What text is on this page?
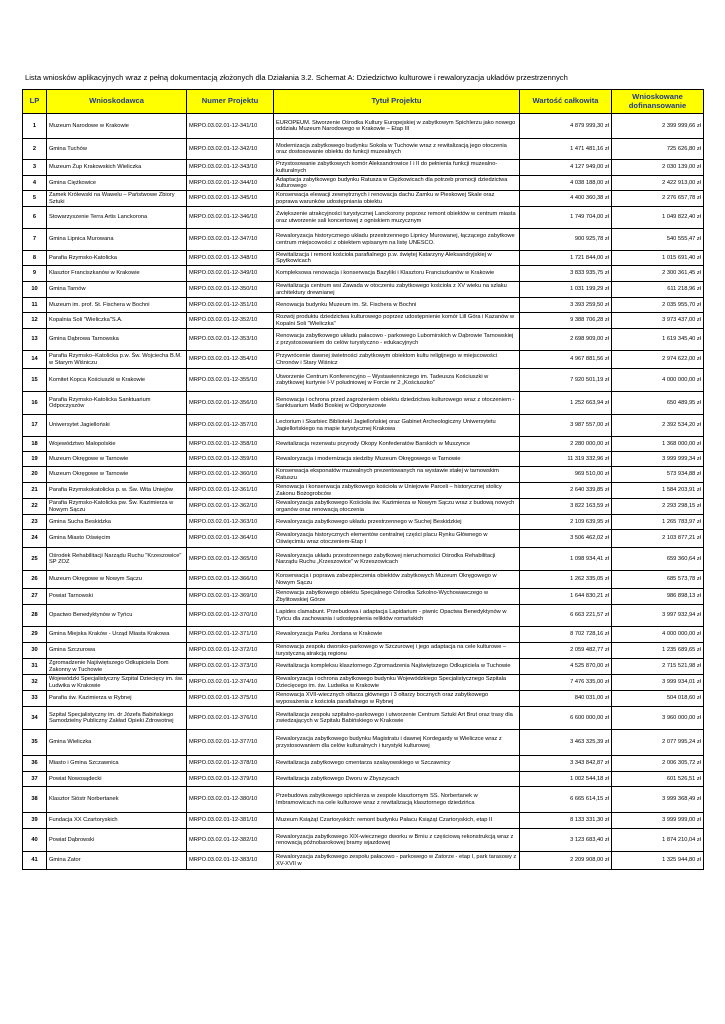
Lista wniosków aplikacyjnych wraz z pełną dokumentacją złożonych dla Działania 3.2. Schemat A: Dziedzictwo kulturowe i rewaloryzacja układów przestrzennych
LP	Wnioskodawca	Numer Projektu	Tytuł Projektu	Wartość całkowita	Wnioskowane dofinansowanie
1	Muzeum Narodowe w Krakowie	MRPO.03.02.01-12-341/10	EUROPEUM. Stworzenie Ośrodka Kultury Europejskiej w zabytkowym Spichlerzu jako nowego oddziału Muzeum Narodowego w Krakowie – Etap III	4 879 999,30 zł	2 399 999,66 zł
2	Gmina Tuchów	MRPO.03.02.01-12-342/10	Modernizacja zabytkowego budynku Sokoła w Tuchowie wraz z rewitalizacją jego otoczenia oraz dostosowanie obiektu do funkcji muzealnych	1 471 481,16 zł	725 626,80 zł
3	Muzeum Żup Krakowskich Wieliczka	MRPO.03.02.01-12-343/10	Przystosowanie zabytkowych komór Aleksandrowice I i II do pełnienia funkcji muzealno-kulturalnych	4 127 949,00 zł	2 030 139,00 zł
4	Gmina Ciężkowice	MRPO.03.02.01-12-344/10	Adaptacja zabytkowego budynku Ratusza w Ciężkowicach dla potrzeb promocji dziedzictwa kulturowego	4 038 188,00 zł	2 422 913,00 zł
5	Zamek Królewski na Wawelu – Państwowe Zbiory Sztuki	MRPO.03.02.01-12-345/10	Konserwacja elewacji zewnętrznych i renowacja dachu Zamku w Pieskowej Skale oraz poprawa warunków udostępniania obiektu	4 400 360,38 zł	2 276 657,78 zł
6	Stowarzyszenie Terra Artis Lanckorona	MRPO.03.02.01-12-346/10	Zwiększenie atrakcyjności turystycznej Lanckorony poprzez remont obiektów w centrum miasta oraz utworzenie sali koncertowej z ogniskiem muzycznym	1 749 704,00 zł	1 049 822,40 zł
7	Gmina Lipnica Murowana	MRPO.03.02.01-12-347/10	Rewaloryzacja historycznego układu przestrzennego Lipnicy Murowanej, łączącego zabytkowe centrum miejscowości z obiektem wpisanym na listę UNESCO.	900 925,78 zł	540 555,47 zł
8	Parafia Rzymsko-Katolicka	MRPO.03.02.01-12-348/10	Rewitalizacja i remont kościoła parafialnego p.w. świętej Katarzyny Aleksandryjskiej w Spytkowicach	1 721 844,00 zł	1 015 691,40 zł
9	Klasztor Franciszkanów w Krakowie	MRPO.03.02.01-12-349/10	Kompleksowa renowacja i konserwacja Bazyliki i Klasztoru Franciszkanów w Krakowie	3 833 935,75 zł	2 300 361,45 zł
10	Gmina Tarnów	MRPO.03.02.01-12-350/10	Rewitalizacja centrum wsi Zawada w otoczeniu zabytkowego kościoła z XV wieku na szlaku architektury drewnianej	1 031 199,29 zł	611 218,96 zł
11	Muzeum im. prof. St. Fischera w Bochni	MRPO.03.02.01-12-351/10	Renowacja budynku Muzeum im. St. Fischera w Bochni	3 393 259,50 zł	2 035 955,70 zł
12	Kopalnia Soli "Wieliczka"S.A.	MRPO.03.02.01-12-352/10	Rozwój produktu dziedzictwa kulturowego poprzez udostępnienie komór Lill Góra i Kazanów w Kopalni Soli "Wieliczka"	9 388 706,28 zł	3 973 437,00 zł
13	Gmina Dąbrowa Tarnowska	MRPO.03.02.01-12-353/10	Renowacja zabytkowego układu pałacowo - parkowego Lubomirskich w Dąbrowie Tarnowskiej z przystosowaniem do celów turystyczno - edukacyjnych	2 698 909,00 zł	1 619 345,40 zł
14	Parafia Rzymsko–Katolicka p.w. Św. Wojciecha B.M. w Starym Wiśniczu	MRPO.03.02.01-12-354/10	Przywrócenie dawnej świetności zabytkowym obiektom kultu religijnego w miejscowości Chronów i Stary Wiśnicz	4 967 881,56 zł	2 974 622,00 zł
15	Komitet Kopca Kościuszki w Krakowie	MRPO.03.02.01-12-355/10	Utworzenie Centrum Konferencyjno – Wystawienniczego im. Tadeusza Kościuszki w zabytkowej kurtynie I-V południowej w Forcie nr 2 „Kościuszko”	7 920 501,19 zł	4 000 000,00 zł
16	Parafia Rzymsko-Katolicka Sanktuarium Odpoczyszów	MRPO.03.02.01-12-356/10	Renowacja i ochrona przed zagrożeniem obiektu dziedzictwa kulturowego wraz z otoczeniem - Sanktuarium Matki Boskiej w Odporyszowie	1 252 663,94 zł	650 489,95 zł
17	Uniwersytet Jagielloński	MRPO.03.02.01-12-357/10	Lectorium i Skarbiec Biblioteki Jagiellońskiej oraz Gabinet Archeologiczny Uniwersytetu Jagiellońskiego na mapie turystycznej Krakowa	3 987 557,00 zł	2 392 534,20 zł
18	Województwo Małopolskie	MRPO.03.02.01-12-358/10	Rewitalizacja rezerwatu przyrody Okopy Konfederatów Barskich w Muszynce	2 280 000,00 zł	1 368 000,00 zł
19	Muzeum Okręgowe w Tarnowie	MRPO.03.02.01-12-359/10	Rewaloryzacja i modernizacja siedziby Muzeum Okręgowego w Tarnowie	11 319 332,96 zł	3 999 999,34 zł
20	Muzeum Okręgowe w Tarnowie	MRPO.03.02.01-12-360/10	Konserwacja eksponatów muzealnych prezentowanych na wystawie stałej w tarnowskim Ratuszu	969 510,00 zł	573 934,88 zł
21	Parafia Rzymskokatolicka p. w. Św. Wita Uniejów	MRPO.03.02.01-12-361/10	Renowacja i konserwacja zabytkowego kościoła w Uniejowie Parceli – historycznej stolicy Zakonu Bożogrobców	2 640 339,85 zł	1 584 203,91 zł
22	Parafia Rzymsko-Katolicka pw. Św. Kazimierza w Nowym Sączu	MRPO.03.02.01-12-362/10	Rewaloryzacja zabytkowego Kościoła św. Kazimierza w Nowym Sączu wraz z budową nowych organów oraz renowacją otoczenia	3 822 163,59 zł	2 293 298,15 zł
23	Gmina Sucha Beskidzka	MRPO.03.02.01-12-363/10	Rewaloryzacja zabytkowego układu przestrzennego w Suchej Beskidzkiej	2 109 639,95 zł	1 265 783,97 zł
24	Gmina Miasto Oświęcim	MRPO.03.02.01-12-364/10	Rewaloryzacja historycznych elementów centralnej części placu Rynku Głównego w Oświęcimiu wraz otoczeniem-Etap I	3 506 462,02 zł	2 103 877,21 zł
25	Ośrodek Rehabilitacji Narządu Ruchu "Krzeszowice" SP ZOZ	MRPO.03.02.01-12-365/10	Rewaloryzacja układu przestrzennego zabytkowej nieruchomości Ośrodka Rehabilitacji Narządu Ruchu „Krzeszowice” w Krzeszowicach	1 098 934,41 zł	659 360,64 zł
26	Muzeum Okręgowe w Nowym Sączu	MRPO.03.02.01-12-366/10	Konserwacja i poprawa zabezpieczenia obiektów zabytkowych Muzeum Okręgowego w Nowym Sączu	1 262 335,05 zł	685 573,78 zł
27	Powiat Tarnowski	MRPO.03.02.01-12-369/10	Renowacja zabytkowego obiektu Specjalnego Ośrodka Szkolno-Wychowawczego w Żbylitowskiej Górze	1 644 830,21 zł	986 898,13 zł
28	Opactwo Benedyktynów w Tyńcu	MRPO.03.02.01-12-370/10	Lapides clamabunt. Przebudowa i adaptacja Lapidarium - piwnic Opactwa Benedyktynów w Tyńcu dla zachowania i udostępnienia reliktów romańskich	6 663 221,57 zł	3 997 932,94 zł
29	Gmina Miejska Kraków - Urząd Miasta Krakowa	MRPO.03.02.01-12-371/10	Rewaloryzacja Parku Jordana w Krakowie	8 702 728,16 zł	4 000 000,00 zł
30	Gmina Szczurowa	MRPO.03.02.01-12-372/10	Renowacja zespołu dworsko-parkowego w Szczurowej i jego adaptacja na cele kulturowe – turystyczną atrakcją regionu	2 059 482,77 zł	1 235 689,65 zł
31	Zgromadzenie Najświętszego Odkupiciela Dom Zakonny w Tuchowie	MRPO.03.02.01-12-373/10	Rewitalizacja kompleksu klasztornego Zgromadzenia Najświętszego Odkupiciela w Tuchowie	4 525 870,00 zł	2 715 521,98 zł
32	Wojewódzki Specjalistyczny Szpital Dziecięcy im. św. Ludwika w Krakowie	MRPO.03.02.01-12-374/10	Rewaloryzacja i ochrona zabytkowego budynku Wojewódzkiego Specjalistycznego Szpitala Dziecięcego im. św. Ludwika w Krakowie	7 476 335,00 zł	3 999 934,01 zł
33	Parafia św. Kazimierza w Rybnej	MRPO.03.02.01-12-375/10	Renowacja XVII-wiecznych ołtarza głównego i 3 ołtarzy bocznych oraz zabytkowego wyposażenia z kościoła parafialnego w Rybnej	840 031,00 zł	504 018,60 zł
34	Szpital Specjalistyczny im. dr Józefa Babińskiego Samodzielny Publiczny Zakład Opieki Zdrowotnej	MRPO.03.02.01-12-376/10	Rewitalizacja zespołu szpitalno-parkowego i utworzenie Centrum Sztuki Art Brut oraz trasy dla zwiedzających w Szpitalu Babińskiego w Krakowie	6 600 000,00 zł	3 960 000,00 zł
35	Gmina Wieliczka	MRPO.03.02.01-12-377/10	Rewaloryzacja zabytkowego budynku Magistratu i dawnej Kordegardy w Wieliczce wraz z przystosowaniem dla celów kulturalnych i turystyki kulturowej	3 463 325,39 zł	2 077 995,24 zł
36	Miasto i Gmina Szczawnica	MRPO.03.02.01-12-378/10	Rewitalizacja zabytkowego cmentarza szalayowskiego w Szczawnicy	3 343 842,87 zł	2 006 305,72 zł
37	Powiat Nowosądecki	MRPO.03.02.01-12-379/10	Rewitalizacja zabytkowego Dworu w Zbyszycach	1 002 544,18 zł	601 526,51 zł
38	Klasztor Sióstr Norbertanek	MRPO.03.02.01-12-380/10	Przebudowa zabytkowego spichlerza w zespole klasztornym SS. Norbertanek w Imbramowicach na cele kulturowe wraz z rewitalizacją klasztornego dziedzińca	6 665 614,15 zł	3 999 368,49 zł
39	Fundacja XX Czartoryskich	MRPO.03.02.01-12-381/10	Muzeum Książąt Czartoryskich: remont budynku Pałacu Książąt Czartoryskich, etap II	8 133 331,30 zł	3 999 999,00 zł
40	Powiat Dąbrowski	MRPO.03.02.01-12-382/10	Rewaloryzacja zabytkowego XIX-wiecznego dworku w Brniu z częściową rekonstrukcją wraz z renowacją późnobarokowej bramy wjazdowej	3 123 683,40 zł	1 874 210,04 zł
41	Gmina Zator	MRPO.03.02.01-12-383/10	Rewaloryzacja zabytkowego zespołu pałacowo - parkowego w Zatorze - etap I, park tarasowy z XV-XVII w	2 209 908,00 zł	1 325 944,80 zł
